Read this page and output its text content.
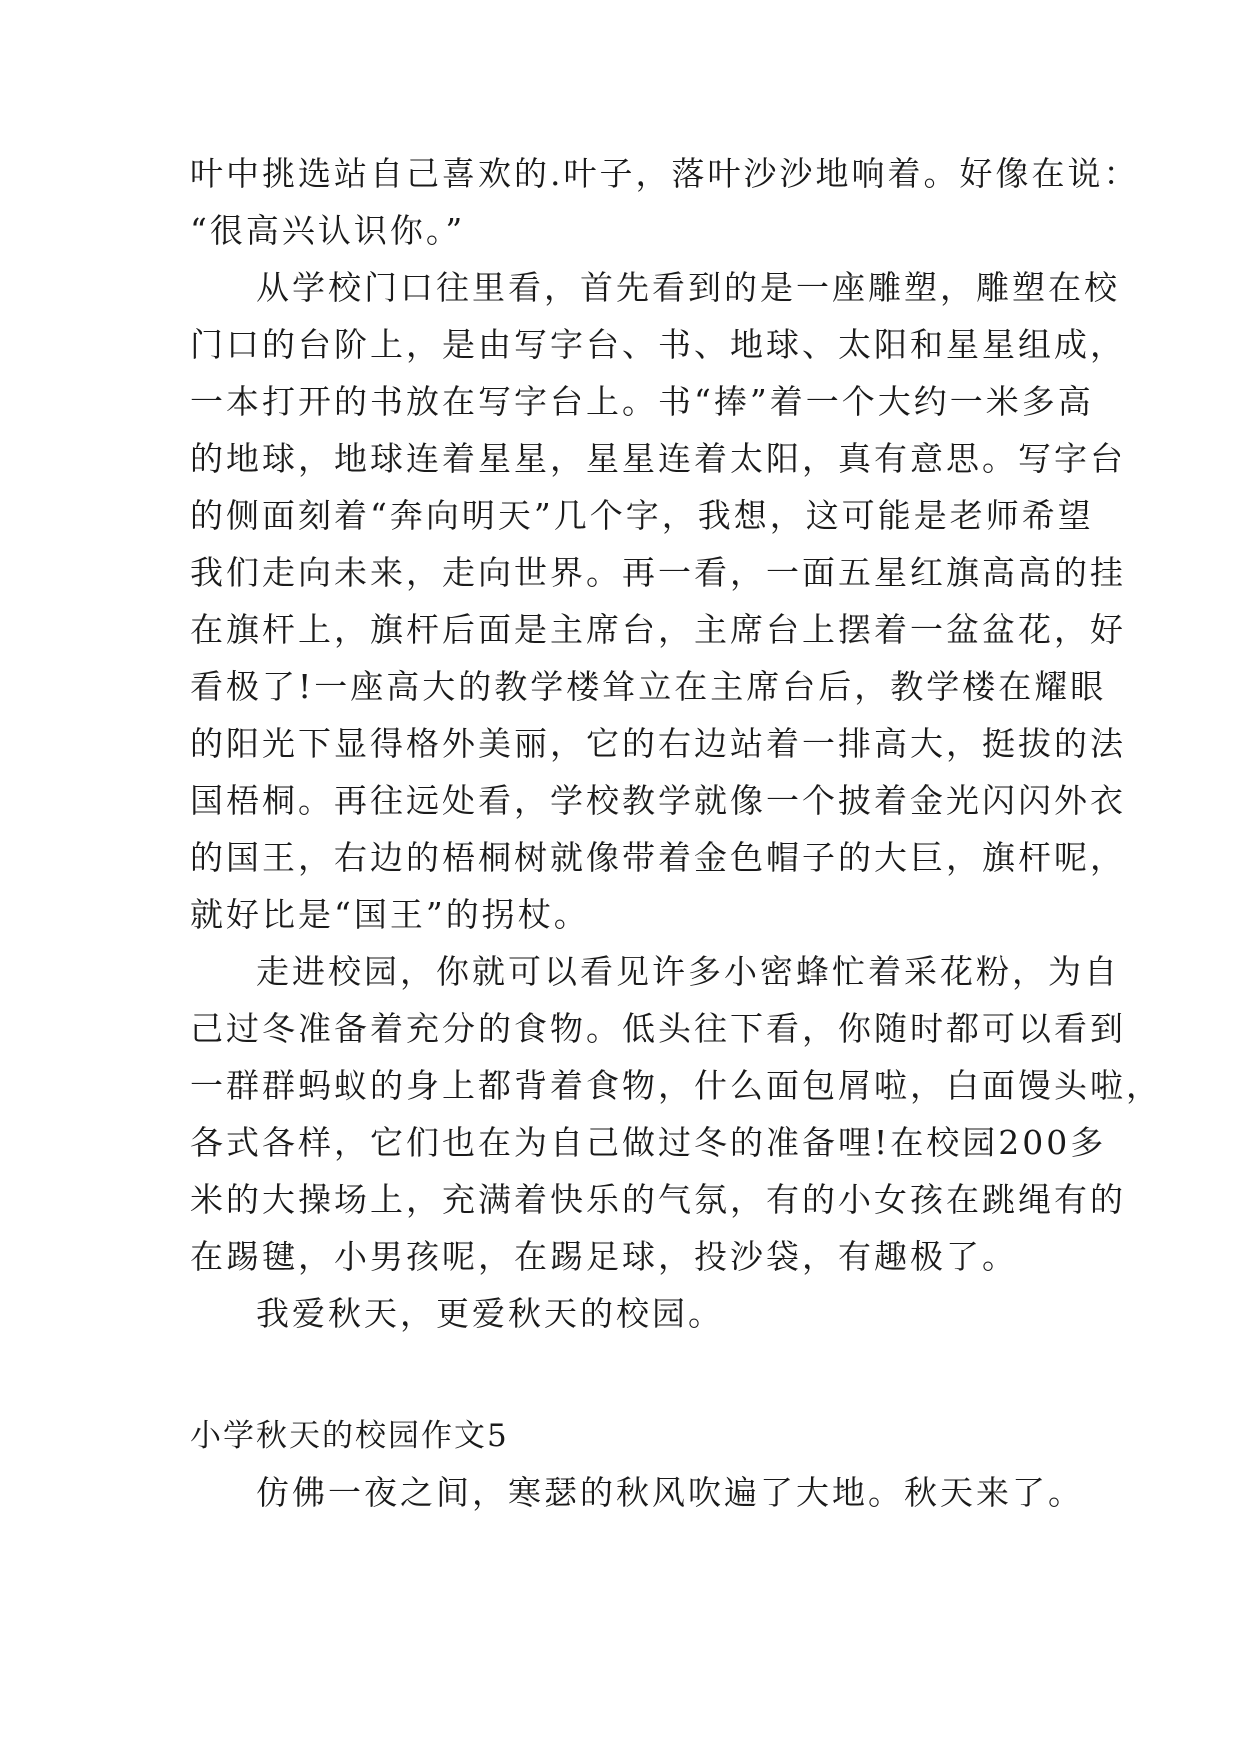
叶中挑选站自己喜欢的.叶子，落叶沙沙地响着。好像在说：
“很高兴认识你。”
从学校门口往里看，首先看到的是一座雕塑，雕塑在校
门口的台阶上，是由写字台、书、地球、太阳和星星组成，
一本打开的书放在写字台上。书“捧”着一个大约一米多高
的地球，地球连着星星，星星连着太阳，真有意思。写字台
的侧面刻着“奔向明天”几个字，我想，这可能是老师希望
我们走向未来，走向世界。再一看，一面五星红旗高高的挂
在旗杆上，旗杆后面是主席台，主席台上摆着一盆盆花，好
看极了!一座高大的教学楼耸立在主席台后，教学楼在耀眼
的阳光下显得格外美丽，它的右边站着一排高大，挺拔的法
国梧桐。再往远处看，学校教学就像一个披着金光闪闪外衣
的国王，右边的梧桐树就像带着金色帽子的大巨，旗杆呢，
就好比是“国王”的拐杖。
走进校园，你就可以看见许多小密蜂忙着采花粉，为自
己过冬准备着充分的食物。低头往下看，你随时都可以看到
一群群蚂蚁的身上都背着食物，什么面包屑啦，白面馒头啦，
各式各样，它们也在为自己做过冬的准备哩!在校园200多
米的大操场上，充满着快乐的气氛，有的小女孩在跳绳有的
在踢毽，小男孩呢，在踢足球，投沙袋，有趣极了。
我爱秋天，更爱秋天的校园。
小学秋天的校园作文5
仿佛一夜之间，寒瑟的秋风吹遍了大地。秋天来了。
